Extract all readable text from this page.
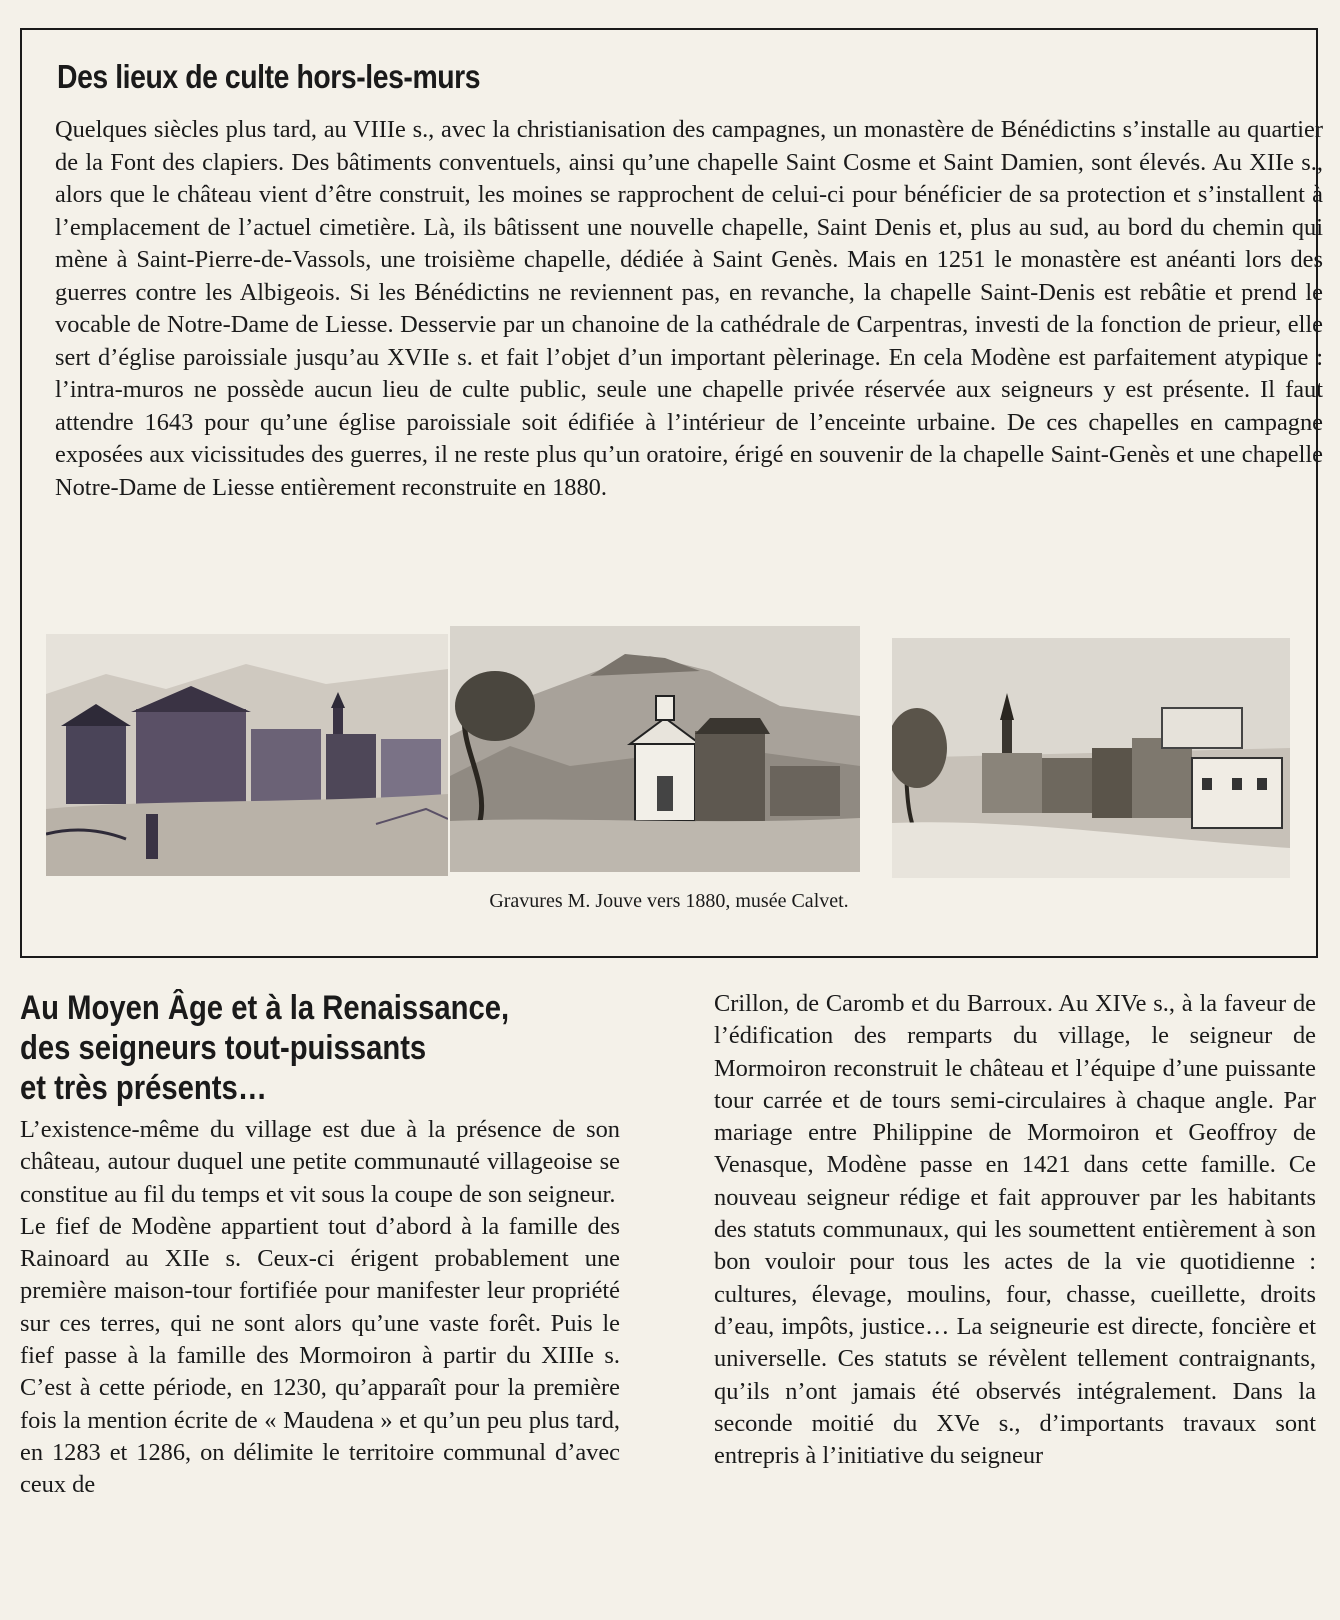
Des lieux de culte hors-les-murs

Quelques siècles plus tard, au VIIIe s., avec la christianisation des campagnes, un monastère de Bénédictins s’installe au quartier de la Font des clapiers. Des bâtiments conventuels, ainsi qu’une chapelle Saint Cosme et Saint Damien, sont élevés. Au XIIe s., alors que le château vient d’être construit, les moines se rapprochent de celui-ci pour bénéficier de sa protection et s’installent à l’emplacement de l’actuel cimetière. Là, ils bâtissent une nouvelle chapelle, Saint Denis et, plus au sud, au bord du chemin qui mène à Saint-Pierre-de-Vassols, une troisième chapelle, dédiée à Saint Genès. Mais en 1251 le monastère est anéanti lors des guerres contre les Albigeois. Si les Bénédictins ne reviennent pas, en revanche, la chapelle Saint-Denis est rebâtie et prend le vocable de Notre-Dame de Liesse. Desservie par un chanoine de la cathédrale de Carpentras, investi de la fonction de prieur, elle sert d’église paroissiale jusqu’au XVIIe s. et fait l’objet d’un important pèlerinage. En cela Modène est parfaitement atypique : l’intra-muros ne possède aucun lieu de culte public, seule une chapelle privée réservée aux seigneurs y est présente. Il faut attendre 1643 pour qu’une église paroissiale soit édifiée à l’intérieur de l’enceinte urbaine. De ces chapelles en campagne exposées aux vicissitudes des guerres, il ne reste plus qu’un oratoire, érigé en souvenir de la chapelle Saint-Genès et une chapelle Notre-Dame de Liesse entièrement reconstruite en 1880.

Gravures M. Jouve vers 1880, musée Calvet.
Au Moyen Âge et à la Renaissance,
des seigneurs tout-puissants
et très présents…

L’existence-même du village est due à la présence de son château, autour duquel une petite communauté villageoise se constitue au fil du temps et vit sous la coupe de son seigneur.

Le fief de Modène appartient tout d’abord à la famille des Rainoard au XIIe s. Ceux-ci érigent probablement une première maison-tour fortifiée pour manifester leur propriété sur ces terres, qui ne sont alors qu’une vaste forêt. Puis le fief passe à la famille des Mormoiron à partir du XIIIe s. C’est à cette période, en 1230, qu’apparaît pour la première fois la mention écrite de « Maudena » et qu’un peu plus tard, en 1283 et 1286, on délimite le territoire communal d’avec ceux de

Crillon, de Caromb et du Barroux. Au XIVe s., à la faveur de l’édification des remparts du village, le seigneur de Mormoiron reconstruit le château et l’équipe d’une puissante tour carrée et de tours semi-circulaires à chaque angle. Par mariage entre Philippine de Mormoiron et Geoffroy de Venasque, Modène passe en 1421 dans cette famille. Ce nouveau seigneur rédige et fait approuver par les habitants des statuts communaux, qui les soumettent entièrement à son bon vouloir pour tous les actes de la vie quotidienne : cultures, élevage, moulins, four, chasse, cueillette, droits d’eau, impôts, justice… La seigneurie est directe, foncière et universelle. Ces statuts se révèlent tellement contraignants, qu’ils n’ont jamais été observés intégralement. Dans la seconde moitié du XVe s., d’importants travaux sont entrepris à l’initiative du seigneur
